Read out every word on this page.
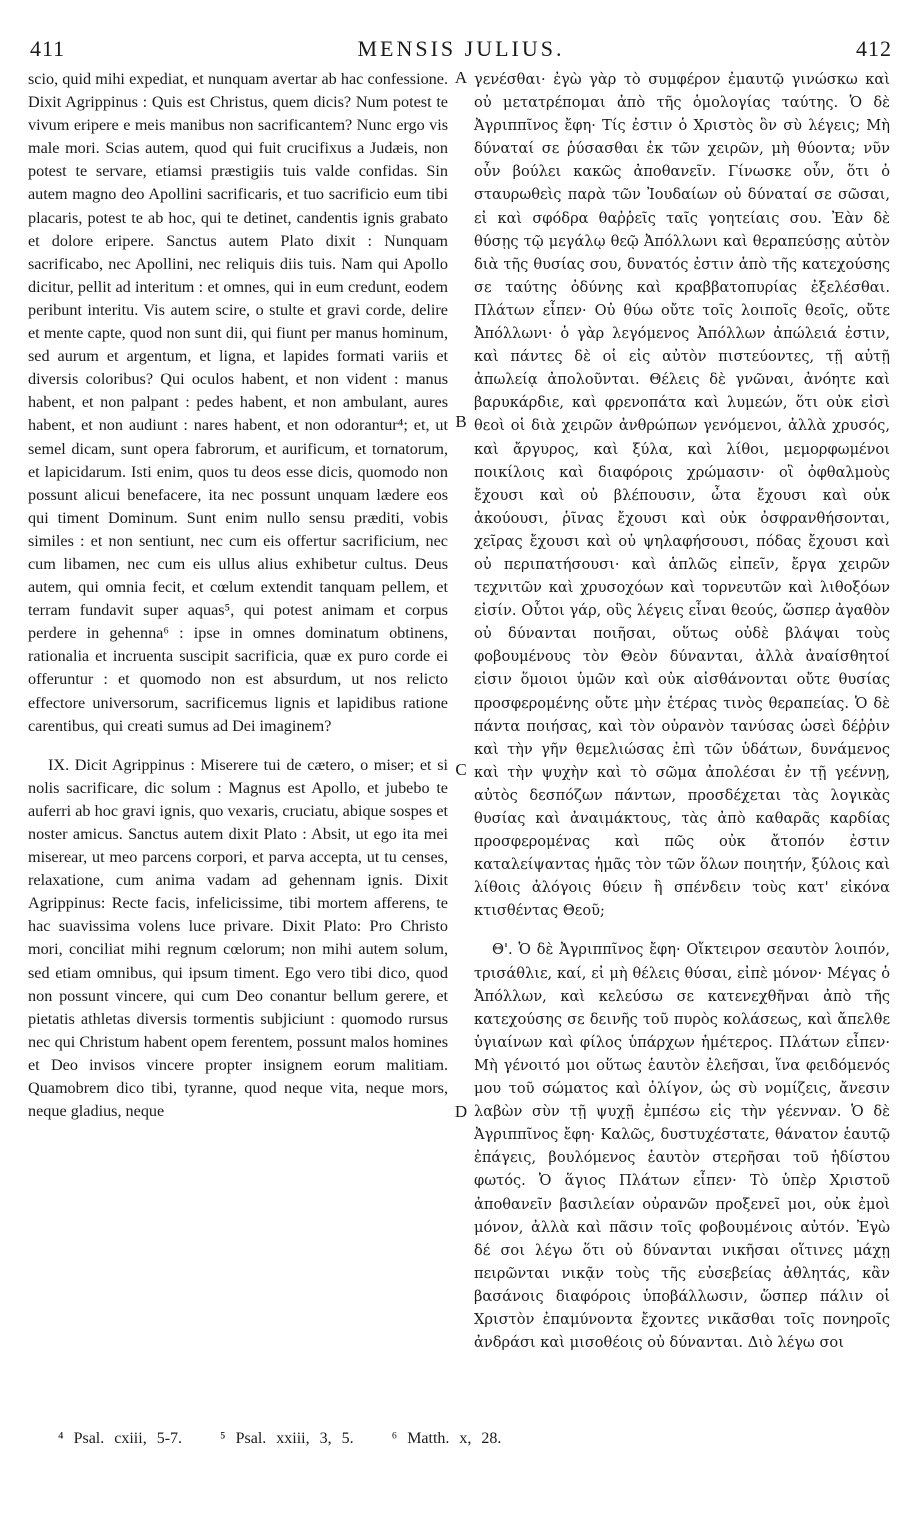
411	MENSIS JULIUS.	412

scio, quid mihi expediat, et nunquam avertar ab hac confessione. Dixit Agrippinus : Quis est Christus, quem dicis? Num potest te vivum eripere e meis manibus non sacrificantem? Nunc ergo vis male mori. Scias autem, quod qui fuit crucifixus a Judæis, non potest te servare, etiamsi præstigiis tuis valde confidas. Sin autem magno deo Apollini sacrificaris, et tuo sacrificio eum tibi placaris, potest te ab hoc, qui te detinet, candentis ignis grabato et dolore eripere. Sanctus autem Plato dixit : Nunquam sacrificabo, nec Apollini, nec reliquis diis tuis. Nam qui Apollo dicitur, pellit ad interitum : et omnes, qui in eum credunt, eodem peribunt interitu. Vis autem scire, o stulte et gravi corde, delire et mente capte, quod non sunt dii, qui fiunt per manus hominum, sed aurum et argentum, et ligna, et lapides formati variis et diversis coloribus? Qui oculos habent, et non vident : manus habent, et non palpant : pedes habent, et non ambulant, aures habent, et non audiunt : nares habent, et non odorantur⁴; et, ut semel dicam, sunt opera fabrorum, et aurificum, et tornatorum, et lapicidarum. Isti enim, quos tu deos esse dicis, quomodo non possunt alicui benefacere, ita nec possunt unquam lædere eos qui timent Dominum. Sunt enim nullo sensu præditi, vobis similes : et non sentiunt, nec cum eis offertur sacrificium, nec cum libamen, nec cum eis ullus alius exhibetur cultus. Deus autem, qui omnia fecit, et cœlum extendit tanquam pellem, et terram fundavit super aquas⁵, qui potest animam et corpus perdere in gehenna⁶ : ipse in omnes dominatum obtinens, rationalia et incruenta suscipit sacrificia, quæ ex puro corde ei offeruntur : et quomodo non est absurdum, ut nos relicto effectore universorum, sacrificemus lignis et lapidibus ratione carentibus, qui creati sumus ad Dei imaginem?

IX. Dicit Agrippinus : Miserere tui de cætero, o miser; et si nolis sacrificare, dic solum : Magnus est Apollo, et jubebo te auferri ab hoc gravi ignis, quo vexaris, cruciatu, abique sospes et noster amicus. Sanctus autem dixit Plato : Absit, ut ego ita mei miserear, ut meo parcens corpori, et parva accepta, ut tu censes, relaxatione, cum anima vadam ad gehennam ignis. Dixit Agrippinus: Recte facis, infelicissime, tibi mortem afferens, te hac suavissima volens luce privare. Dixit Plato: Pro Christo mori, conciliat mihi regnum cœlorum; non mihi autem solum, sed etiam omnibus, qui ipsum timent. Ego vero tibi dico, quod non possunt vincere, qui cum Deo conantur bellum gerere, et pietatis athletas diversis tormentis subjiciunt : quomodo rursus nec qui Christum habent opem ferentem, possunt malos homines et Deo invisos vincere propter insignem eorum malitiam. Quamobrem dico tibi, tyranne, quod neque vita, neque mors, neque gladius, neque

γενέσθαι· ἐγὼ γὰρ τὸ συμφέρον ἐμαυτῷ γινώσκω καὶ οὐ μετατρέπομαι ἀπὸ τῆς ὁμολογίας ταύτης. Ὁ δὲ Ἀγριππῖνος ἔφη· Τίς ἐστιν ὁ Χριστὸς ὃν σὺ λέγεις; Μὴ δύναταί σε ῥύσασθαι ἐκ τῶν χειρῶν, μὴ θύοντα; νῦν οὖν βούλει κακῶς ἀποθανεῖν. Γίνωσκε οὖν, ὅτι ὁ σταυρωθεὶς παρὰ τῶν Ἰουδαίων οὐ δύναταί σε σῶσαι, εἰ καὶ σφόδρα θαῤῥεῖς ταῖς γοητείαις σου. Ἐὰν δὲ θύσῃς τῷ μεγάλῳ θεῷ Ἀπόλλωνι καὶ θεραπεύσῃς αὐτὸν διὰ τῆς θυσίας σου, δυνατός ἐστιν ἀπὸ τῆς κατεχούσης σε ταύτης ὀδύνης καὶ κραββατοπυρίας ἐξελέσθαι. Πλάτων εἶπεν· Οὐ θύω οὔτε τοῖς λοιποῖς θεοῖς, οὔτε Ἀπόλλωνι· ὁ γὰρ λεγόμενος Ἀπόλλων ἀπώλειά ἐστιν, καὶ πάντες δὲ οἱ εἰς αὐτὸν πιστεύοντες, τῇ αὐτῇ ἀπωλείᾳ ἀπολοῦνται. Θέλεις δὲ γνῶναι, ἀνόητε καὶ βαρυκάρδιε, καὶ φρενοπάτα καὶ λυμεών, ὅτι οὐκ εἰσὶ θεοὶ οἱ διὰ χειρῶν ἀνθρώπων γενόμενοι, ἀλλὰ χρυσός, καὶ ἄργυρος, καὶ ξύλα, καὶ λίθοι, μεμορφωμένοι ποικίλοις καὶ διαφόροις χρώμασιν· οἳ ὀφθαλμοὺς ἔχουσι καὶ οὐ βλέπουσιν, ὦτα ἔχουσι καὶ οὐκ ἀκούουσι, ῥῖνας ἔχουσι καὶ οὐκ ὀσφρανθήσονται, χεῖρας ἔχουσι καὶ οὐ ψηλαφήσουσι, πόδας ἔχουσι καὶ οὐ περιπατήσουσι· καὶ ἁπλῶς εἰπεῖν, ἔργα χειρῶν τεχνιτῶν καὶ χρυσοχόων καὶ τορνευτῶν καὶ λιθοξόων εἰσίν. Οὗτοι γάρ, οὓς λέγεις εἶναι θεούς, ὥσπερ ἀγαθὸν οὐ δύνανται ποιῆσαι, οὕτως οὐδὲ βλάψαι τοὺς φοβουμένους τὸν Θεὸν δύνανται, ἀλλὰ ἀναίσθητοί εἰσιν ὅμοιοι ὑμῶν καὶ οὐκ αἰσθάνονται οὔτε θυσίας προσφερομένης οὔτε μὴν ἑτέρας τινὸς θεραπείας. Ὁ δὲ πάντα ποιήσας, καὶ τὸν οὐρανὸν τανύσας ὡσεὶ δέῤῥιν καὶ τὴν γῆν θεμελιώσας ἐπὶ τῶν ὑδάτων, δυνάμενος καὶ τὴν ψυχὴν καὶ τὸ σῶμα ἀπολέσαι ἐν τῇ γεέννῃ, αὐτὸς δεσπόζων πάντων, προσδέχεται τὰς λογικὰς θυσίας καὶ ἀναιμάκτους, τὰς ἀπὸ καθαρᾶς καρδίας προσφερομένας καὶ πῶς οὐκ ἄτοπόν ἐστιν καταλείψαντας ἡμᾶς τὸν τῶν ὅλων ποιητήν, ξύλοις καὶ λίθοις ἀλόγοις θύειν ἢ σπένδειν τοὺς κατ' εἰκόνα κτισθέντας Θεοῦ;

Θ'. Ὁ δὲ Ἀγριππῖνος ἔφη· Οἴκτειρον σεαυτὸν λοιπόν, τρισάθλιε, καί, εἰ μὴ θέλεις θύσαι, εἰπὲ μόνον· Μέγας ὁ Ἀπόλλων, καὶ κελεύσω σε κατενεχθῆναι ἀπὸ τῆς κατεχούσης σε δεινῆς τοῦ πυρὸς κολάσεως, καὶ ἄπελθε ὑγιαίνων καὶ φίλος ὑπάρχων ἡμέτερος. Πλάτων εἶπεν· Μὴ γένοιτό μοι οὕτως ἑαυτὸν ἐλεῆσαι, ἵνα φειδόμενός μου τοῦ σώματος καὶ ὀλίγον, ὡς σὺ νομίζεις, ἄνεσιν λαβὼν σὺν τῇ ψυχῇ ἐμπέσω εἰς τὴν γέενναν. Ὁ δὲ Ἀγριππῖνος ἔφη· Καλῶς, δυστυχέστατε, θάνατον ἑαυτῷ ἐπάγεις, βουλόμενος ἑαυτὸν στερῆσαι τοῦ ἡδίστου φωτός. Ὁ ἅγιος Πλάτων εἶπεν· Τὸ ὑπὲρ Χριστοῦ ἀποθανεῖν βασιλείαν οὐρανῶν προξενεῖ μοι, οὐκ ἐμοὶ μόνον, ἀλλὰ καὶ πᾶσιν τοῖς φοβουμένοις αὐτόν. Ἐγὼ δέ σοι λέγω ὅτι οὐ δύνανται νικῆσαι οἵτινες μάχῃ πειρῶνται νικᾷν τοὺς τῆς εὐσεβείας ἀθλητάς, κἂν βασάνοις διαφόροις ὑποβάλλωσιν, ὥσπερ πάλιν οἱ Χριστὸν ἐπαμύνοντα ἔχοντες νικᾶσθαι τοῖς πονηροῖς ἀνδράσι καὶ μισοθέοις οὐ δύνανται. Διὸ λέγω σοι

A
B
C
D
⁴ Psal. cxiii, 5-7. ⁵ Psal. xxiii, 3, 5. ⁶ Matth. x, 28.
